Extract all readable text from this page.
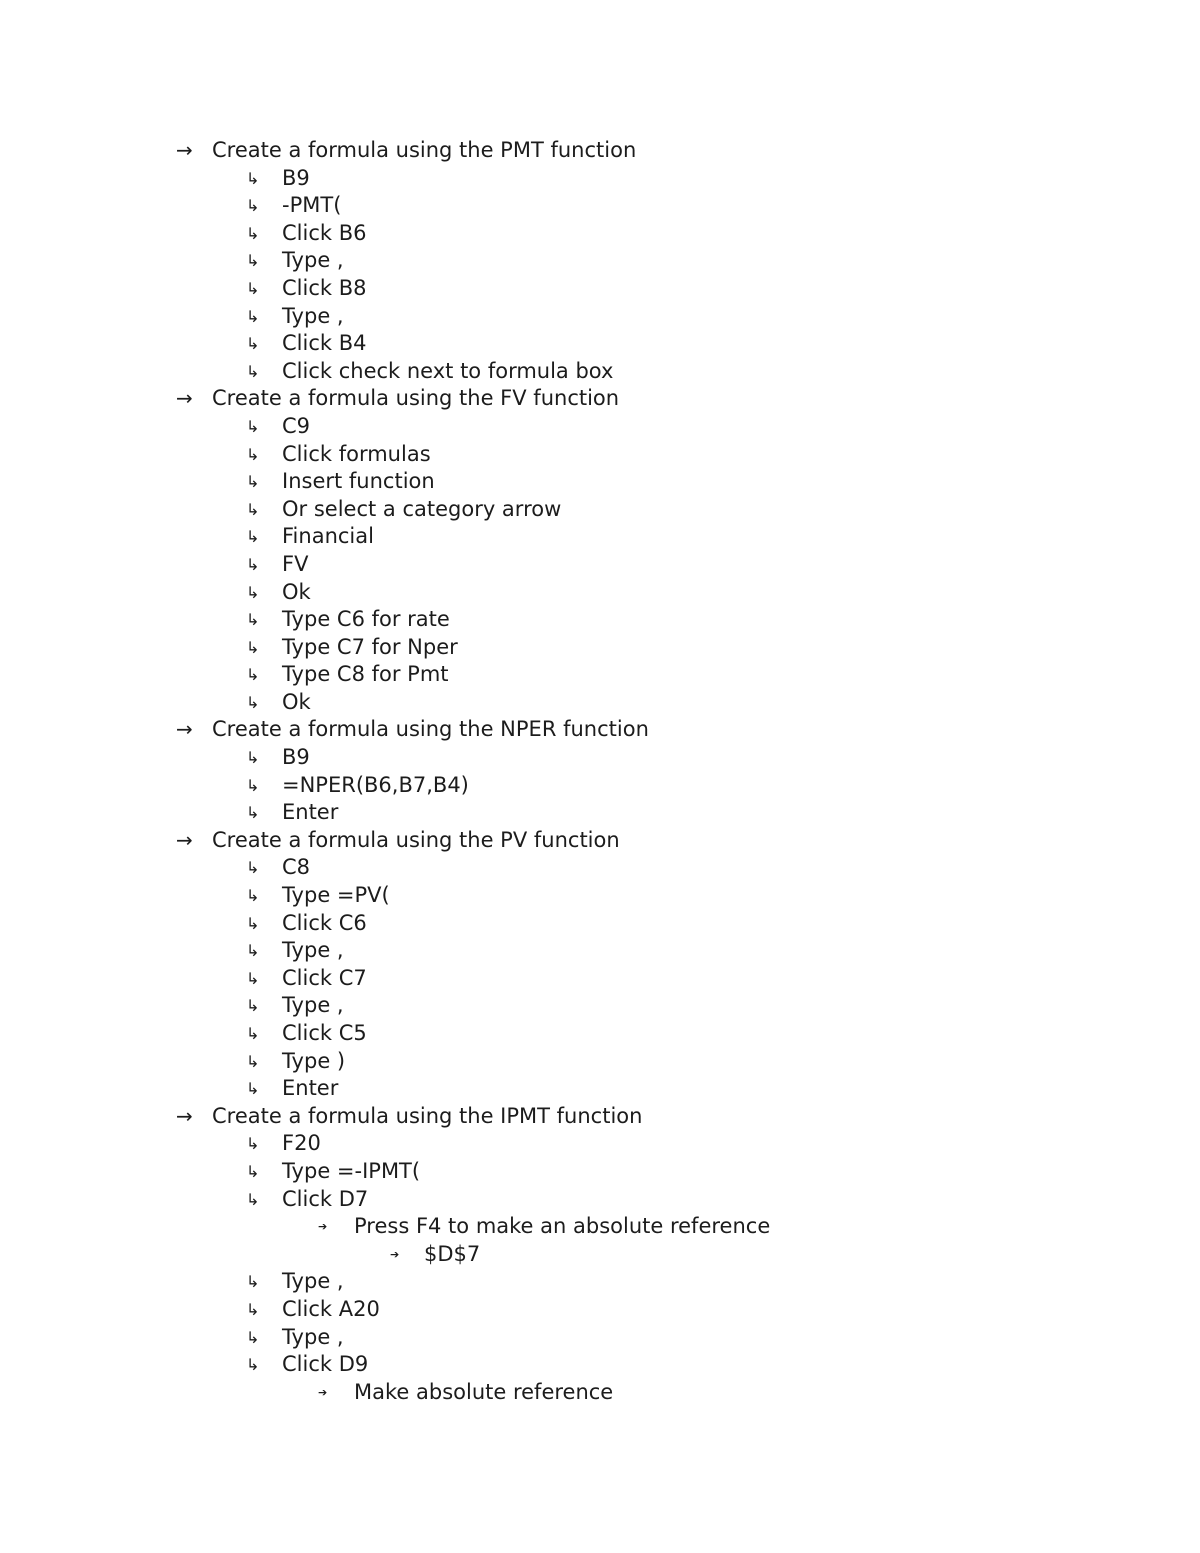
→ Create a formula using the PMT function
↳ B9
↳ -PMT(
↳ Click B6
↳ Type ,
↳ Click B8
↳ Type ,
↳ Click B4
↳ Click check next to formula box
→ Create a formula using the FV function
↳ C9
↳ Click formulas
↳ Insert function
↳ Or select a category arrow
↳ Financial
↳ FV
↳ Ok
↳ Type C6 for rate
↳ Type C7 for Nper
↳ Type C8 for Pmt
↳ Ok
→ Create a formula using the NPER function
↳ B9
↳ =NPER(B6,B7,B4)
↳ Enter
→ Create a formula using the PV function
↳ C8
↳ Type =PV(
↳ Click C6
↳ Type ,
↳ Click C7
↳ Type ,
↳ Click C5
↳ Type )
↳ Enter
→ Create a formula using the IPMT function
↳ F20
↳ Type =-IPMT(
↳ Click D7
➔ Press F4 to make an absolute reference
➔ $D$7
↳ Type ,
↳ Click A20
↳ Type ,
↳ Click D9
➔ Make absolute reference
